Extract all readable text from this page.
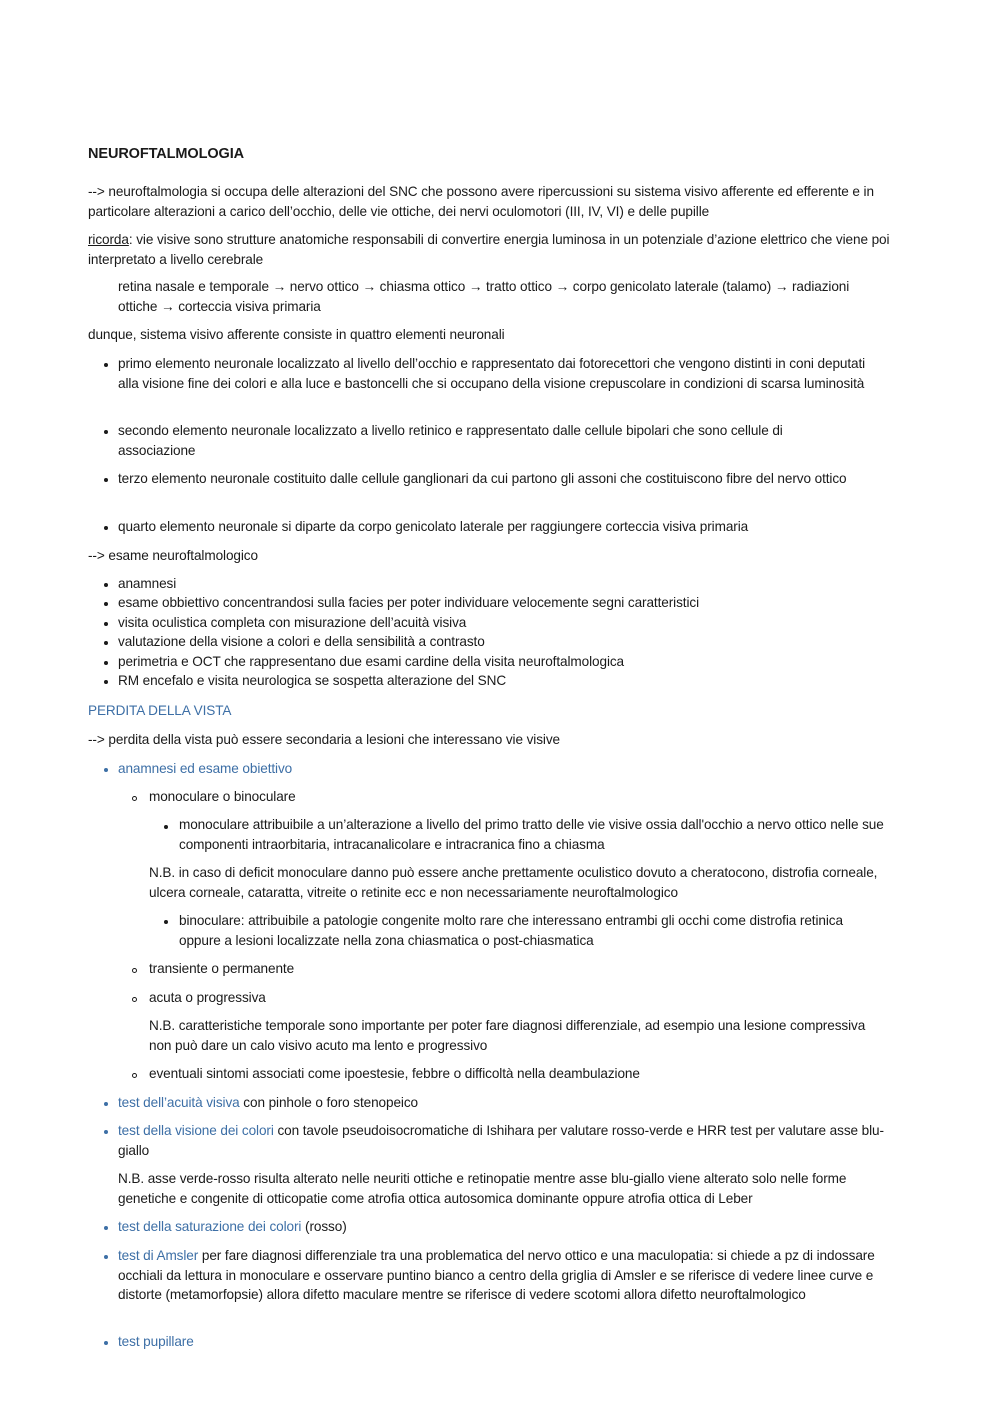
NEUROFTALMOLOGIA

--> neuroftalmologia si occupa delle alterazioni del SNC che possono avere ripercussioni su sistema visivo afferente ed efferente e in particolare alterazioni a carico dell’occhio, delle vie ottiche, dei nervi oculomotori (III, IV, VI) e delle pupille

ricorda: vie visive sono strutture anatomiche responsabili di convertire energia luminosa in un potenziale d’azione elettrico che viene poi interpretato a livello cerebrale

retina nasale e temporale → nervo ottico → chiasma ottico → tratto ottico → corpo genicolato laterale (talamo) → radiazioni ottiche → corteccia visiva primaria

dunque, sistema visivo afferente consiste in quattro elementi neuronali

primo elemento neuronale localizzato al livello dell’occhio e rappresentato dai fotorecettori che vengono distinti in coni deputati alla visione fine dei colori e alla luce e bastoncelli che si occupano della visione crepuscolare in condizioni di scarsa luminosità

secondo elemento neuronale localizzato a livello retinico e rappresentato dalle cellule bipolari che sono cellule di associazione

terzo elemento neuronale costituito dalle cellule ganglionari da cui partono gli assoni che costituiscono fibre del nervo ottico

quarto elemento neuronale si diparte da corpo genicolato laterale per raggiungere corteccia visiva primaria

--> esame neuroftalmologico

anamnesi

esame obbiettivo concentrandosi sulla facies per poter individuare velocemente segni caratteristici

visita oculistica completa con misurazione dell’acuità visiva

valutazione della visione a colori e della sensibilità a contrasto

perimetria e OCT che rappresentano due esami cardine della visita neuroftalmologica

RM encefalo e visita neurologica se sospetta alterazione del SNC

PERDITA DELLA VISTA

--> perdita della vista può essere secondaria a lesioni che interessano vie visive

anamnesi ed esame obiettivo

monoculare o binoculare

monoculare attribuibile a un’alterazione a livello del primo tratto delle vie visive ossia dall'occhio a nervo ottico nelle sue componenti intraorbitaria, intracanalicolare e intracranica fino a chiasma

N.B. in caso di deficit monoculare danno può essere anche prettamente oculistico dovuto a cheratocono, distrofia corneale, ulcera corneale, cataratta, vitreite o retinite ecc e non necessariamente neuroftalmologico

binoculare: attribuibile a patologie congenite molto rare che interessano entrambi gli occhi come distrofia retinica oppure a lesioni localizzate nella zona chiasmatica o post-chiasmatica

transiente o permanente

acuta o progressiva

N.B. caratteristiche temporale sono importante per poter fare diagnosi differenziale, ad esempio una lesione compressiva non può dare un calo visivo acuto ma lento e progressivo

eventuali sintomi associati come ipoestesie, febbre o difficoltà nella deambulazione

test dell’acuità visiva con pinhole o foro stenopeico

test della visione dei colori con tavole pseudoisocromatiche di Ishihara per valutare rosso-verde e HRR test per valutare asse blu-giallo

N.B. asse verde-rosso risulta alterato nelle neuriti ottiche e retinopatie mentre asse blu-giallo viene alterato solo nelle forme genetiche e congenite di otticopatie come atrofia ottica autosomica dominante oppure atrofia ottica di Leber

test della saturazione dei colori (rosso)

test di Amsler per fare diagnosi differenziale tra una problematica del nervo ottico e una maculopatia: si chiede a pz di indossare occhiali da lettura in monoculare e osservare puntino bianco a centro della griglia di Amsler e se riferisce di vedere linee curve e distorte (metamorfopsie) allora difetto maculare mentre se riferisce di vedere scotomi allora difetto neuroftalmologico

test pupillare
